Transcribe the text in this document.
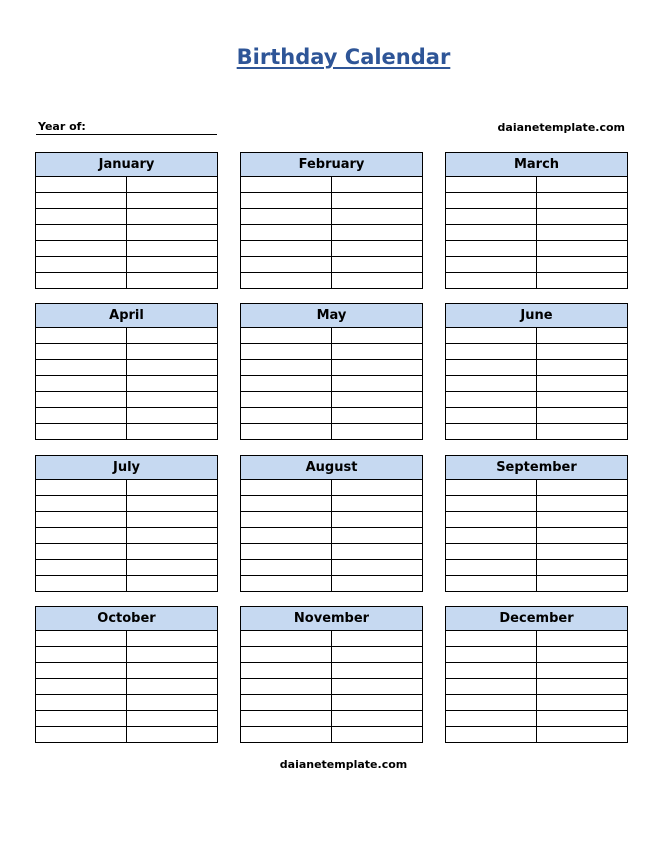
Birthday Calendar
Year of:	daianetemplate.com
January	

		February	

		March	

April	

		May	

		June	

July	

		August	

		September	

October	

		November	

		December	

daianetemplate.com
